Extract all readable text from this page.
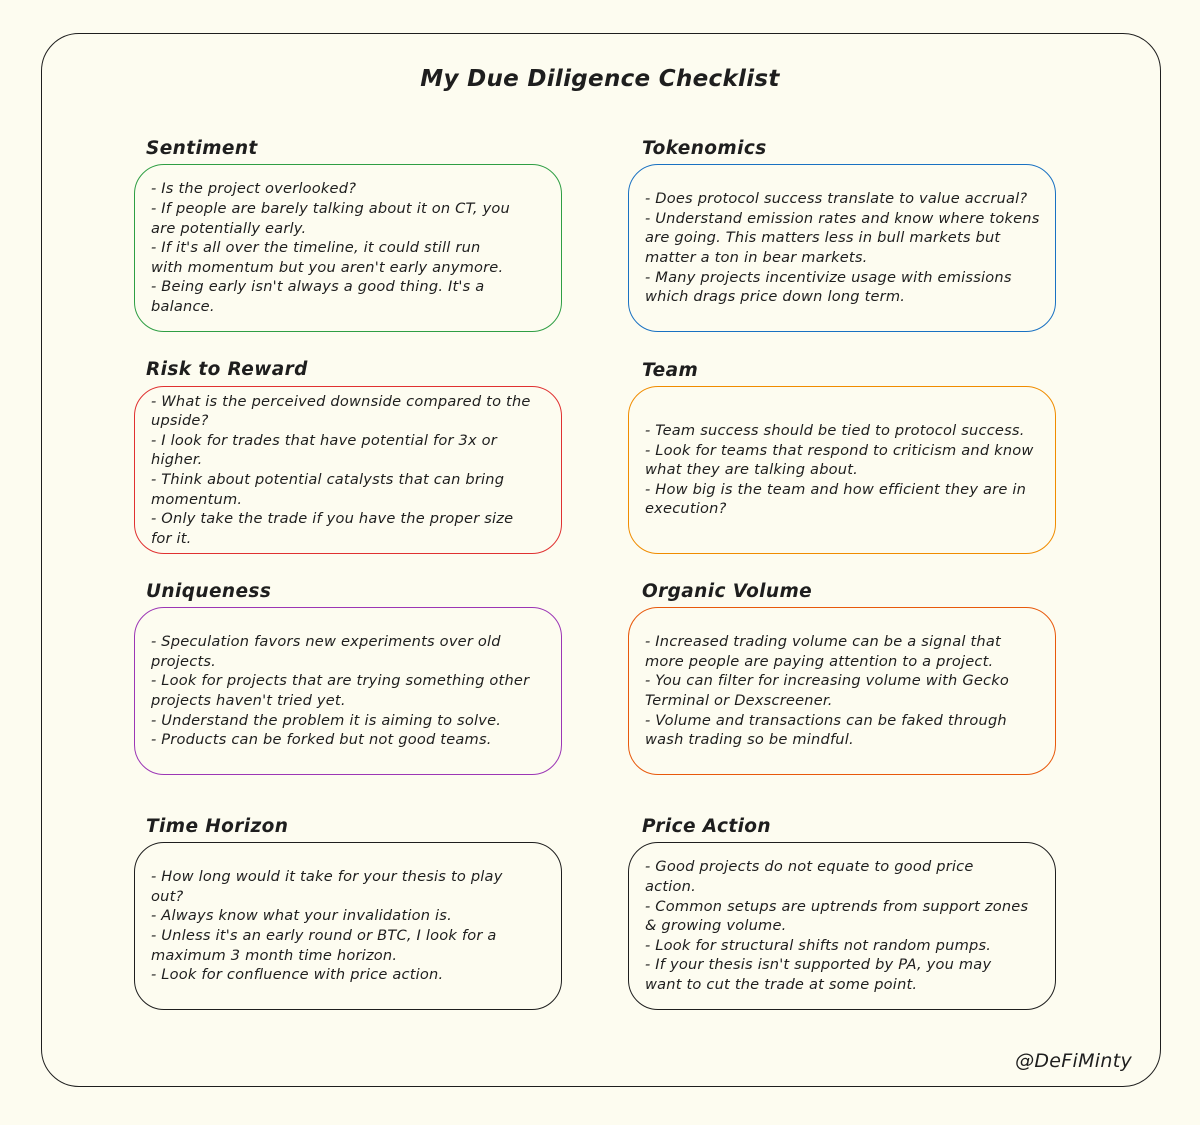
My Due Diligence Checklist
Sentiment
- Is the project overlooked?
- If people are barely talking about it on CT, you
are potentially early.
- If it's all over the timeline, it could still run
with momentum but you aren't early anymore.
- Being early isn't always a good thing. It's a
balance.
Tokenomics
- Does protocol success translate to value accrual?
- Understand emission rates and know where tokens
are going. This matters less in bull markets but
matter a ton in bear markets.
- Many projects incentivize usage with emissions
which drags price down long term.
Risk to Reward
- What is the perceived downside compared to the
upside?
- I look for trades that have potential for 3x or
higher.
- Think about potential catalysts that can bring
momentum.
- Only take the trade if you have the proper size
for it.
Team
- Team success should be tied to protocol success.
- Look for teams that respond to criticism and know
what they are talking about.
- How big is the team and how efficient they are in
execution?
Uniqueness
- Speculation favors new experiments over old
projects.
- Look for projects that are trying something other
projects haven't tried yet.
- Understand the problem it is aiming to solve.
- Products can be forked but not good teams.
Organic Volume
- Increased trading volume can be a signal that
more people are paying attention to a project.
- You can filter for increasing volume with Gecko
Terminal or Dexscreener.
- Volume and transactions can be faked through
wash trading so be mindful.
Time Horizon
- How long would it take for your thesis to play
out?
- Always know what your invalidation is.
- Unless it's an early round or BTC, I look for a
maximum 3 month time horizon.
- Look for confluence with price action.
Price Action
- Good projects do not equate to good price
action.
- Common setups are uptrends from support zones
& growing volume.
- Look for structural shifts not random pumps.
- If your thesis isn't supported by PA, you may
want to cut the trade at some point.
@DeFiMinty
